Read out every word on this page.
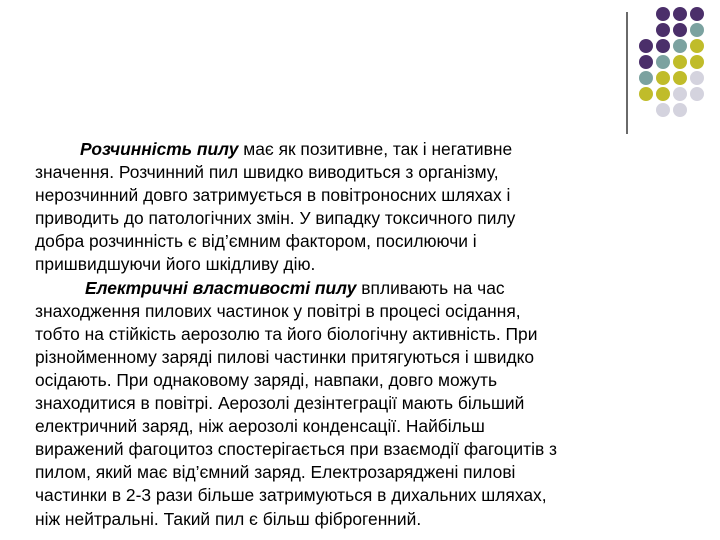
Розчинність пилу має як позитивне, так і негативне
значення. Розчинний пил швидко виводиться з організму,
нерозчинний довго затримується в повітроносних шляхах і
приводить до патологічних змін. У випадку токсичного пилу
добра розчинність є від’ємним фактором, посилюючи і
пришвидшуючи його шкідливу дію.
Електричні властивості пилу впливають на час
знаходження пилових частинок у повітрі в процесі осідання,
тобто на стійкість аерозолю та його біологічну активність. При
різнойменному заряді пилові частинки притягуються і швидко
осідають. При однаковому заряді, навпаки, довго можуть
знаходитися в повітрі. Аерозолі дезінтеграції мають більший
електричний заряд, ніж аерозолі конденсації. Найбільш
виражений фагоцитоз спостерігається при взаємодії фагоцитів з
пилом, який має від’ємний заряд. Електрозаряджені пилові
частинки в 2-3 рази більше затримуються в дихальних шляхах,
ніж нейтральні. Такий пил є більш фіброгенний.
